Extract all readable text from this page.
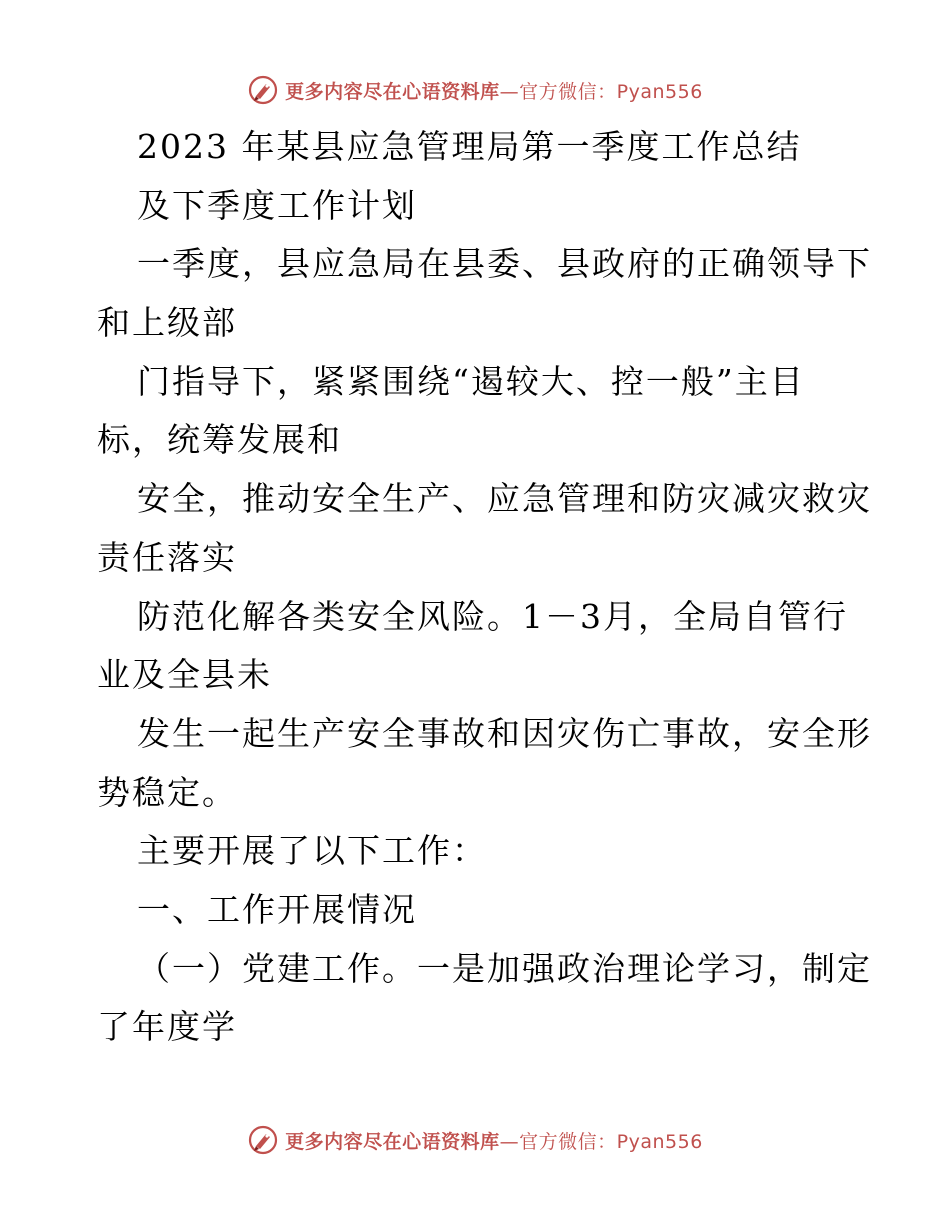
更多内容尽在心语资料库—官方微信：Pyan556
2023 年某县应急管理局第一季度工作总结
及下季度工作计划
一季度，县应急局在县委、县政府的正确领导下
和上级部
门指导下，紧紧围绕“遏较大、控一般”主目
标，统筹发展和
安全，推动安全生产、应急管理和防灾减灾救灾
责任落实
防范化解各类安全风险。1－3月，全局自管行
业及全县未
发生一起生产安全事故和因灾伤亡事故，安全形
势稳定。
主要开展了以下工作：
一、工作开展情况
（一）党建工作。一是加强政治理论学习，制定
了年度学
更多内容尽在心语资料库—官方微信：Pyan556
